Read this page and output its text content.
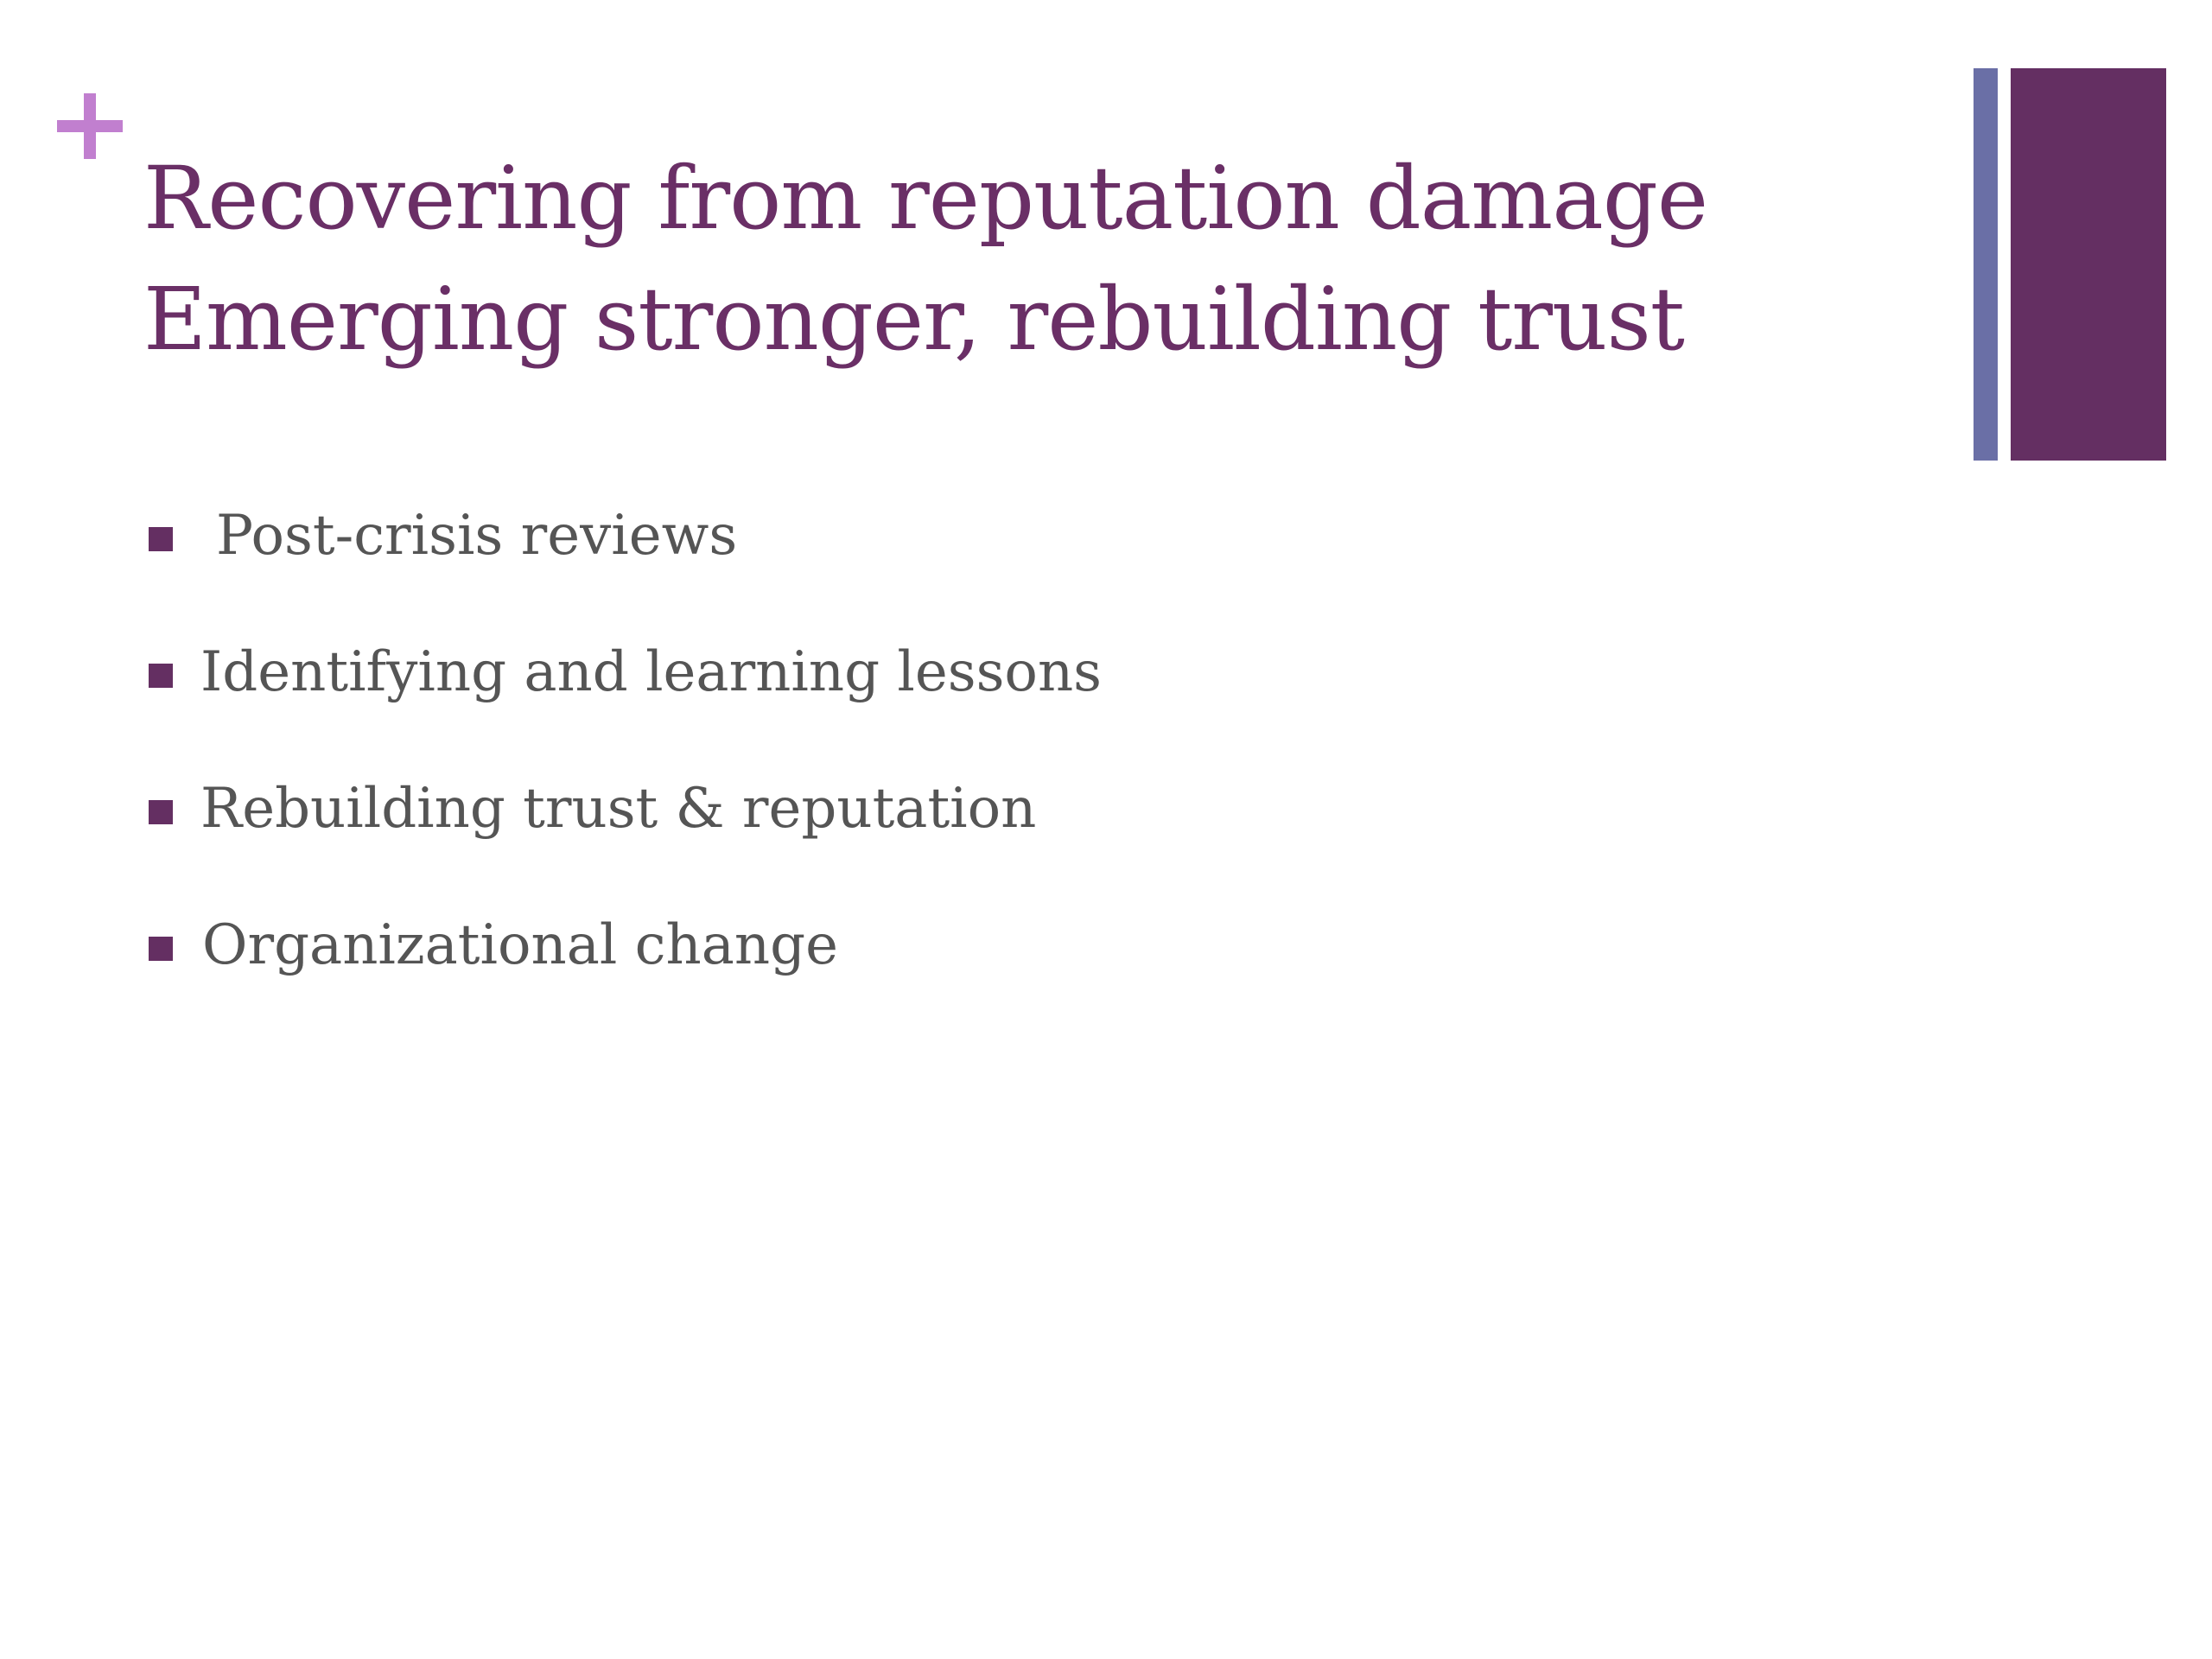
Recovering from reputation damage
Emerging stronger, rebuilding trust
Post-crisis reviews
Identifying and learning lessons
Rebuilding trust & reputation
Organizational change
